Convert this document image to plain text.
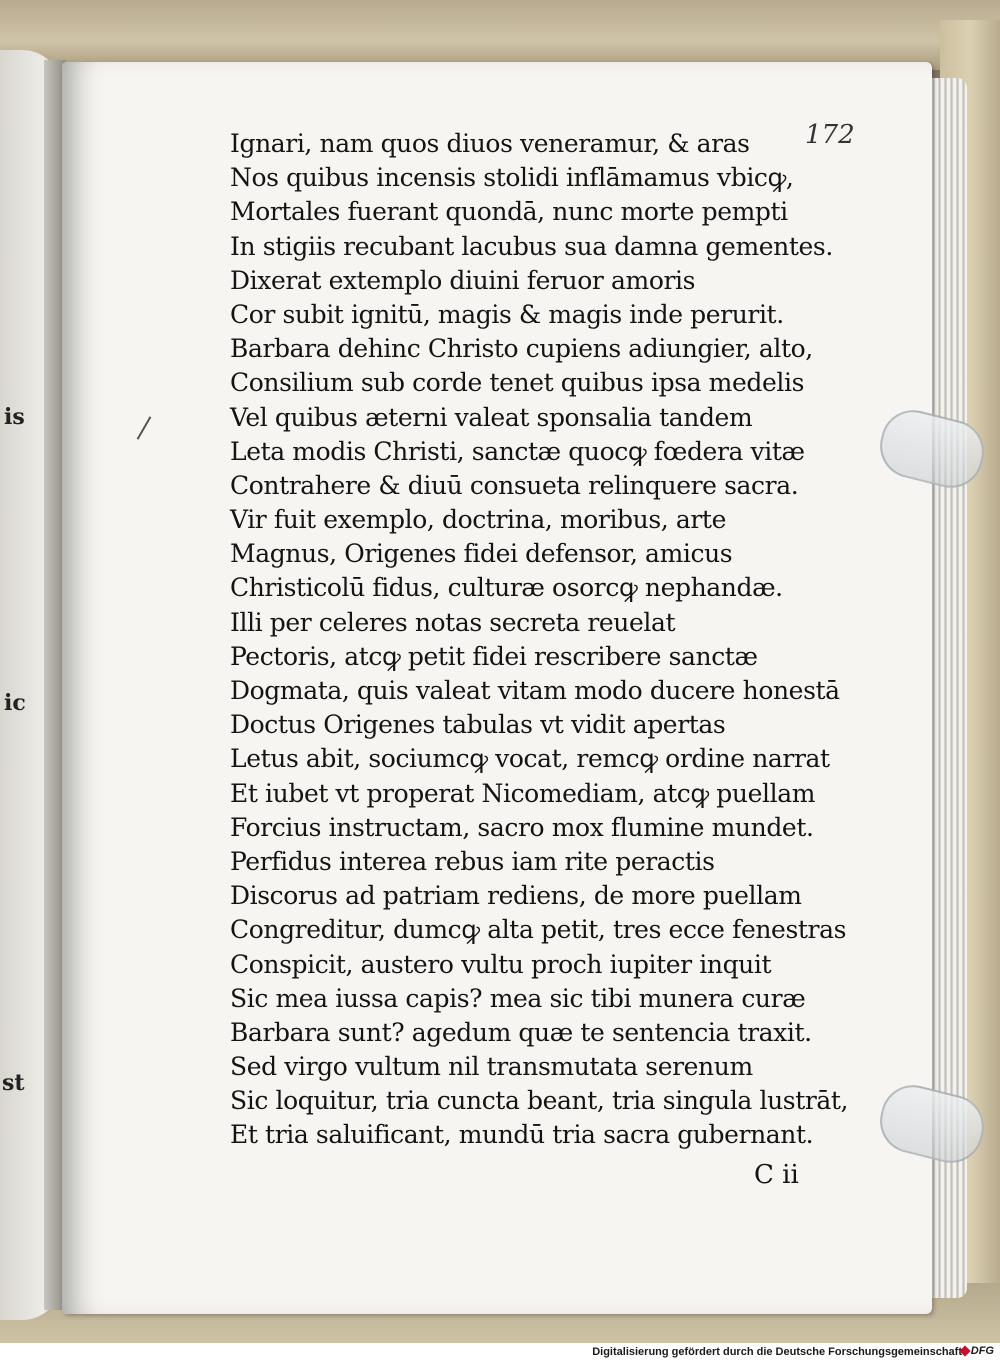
is
ic
st
172
Ignari, nam quos diuos veneramur, & aras
Nos quibus incensis stolidi inflāmamus vbicꝙ,
Mortales fuerant quondā, nunc morte pempti
In stigiis recubant lacubus sua damna gementes.
Dixerat extemplo diuini feruor amoris
Cor subit ignitū, magis & magis inde perurit.
Barbara dehinc Christo cupiens adiungier, alto,
Consilium sub corde tenet quibus ipsa medelis
Vel quibus æterni valeat sponsalia tandem
Leta modis Christi, sanctæ quocꝙ fœdera vitæ
Contrahere & diuū consueta relinquere sacra.
Vir fuit exemplo, doctrina, moribus, arte
Magnus, Origenes fidei defensor, amicus
Christicolū fidus, culturæ osorcꝙ nephandæ.
Illi per celeres notas secreta reuelat
Pectoris, atcꝙ petit fidei rescribere sanctæ
Dogmata, quis valeat vitam modo ducere honestā
Doctus Origenes tabulas vt vidit apertas
Letus abit, sociumcꝙ vocat, remcꝙ ordine narrat
Et iubet vt properat Nicomediam, atcꝙ puellam
Forcius instructam, sacro mox flumine mundet.
Perfidus interea rebus iam rite peractis
Discorus ad patriam rediens, de more puellam
Congreditur, dumcꝙ alta petit, tres ecce fenestras
Conspicit, austero vultu proch iupiter inquit
Sic mea iussa capis? mea sic tibi munera curæ
Barbara sunt? agedum quæ te sentencia traxit.
Sed virgo vultum nil transmutata serenum
Sic loquitur, tria cuncta beant, tria singula lustrāt,
Et tria saluificant, mundū tria sacra gubernant.
C ii
Digitalisierung gefördert durch die Deutsche Forschungsgemeinschaft DFG
